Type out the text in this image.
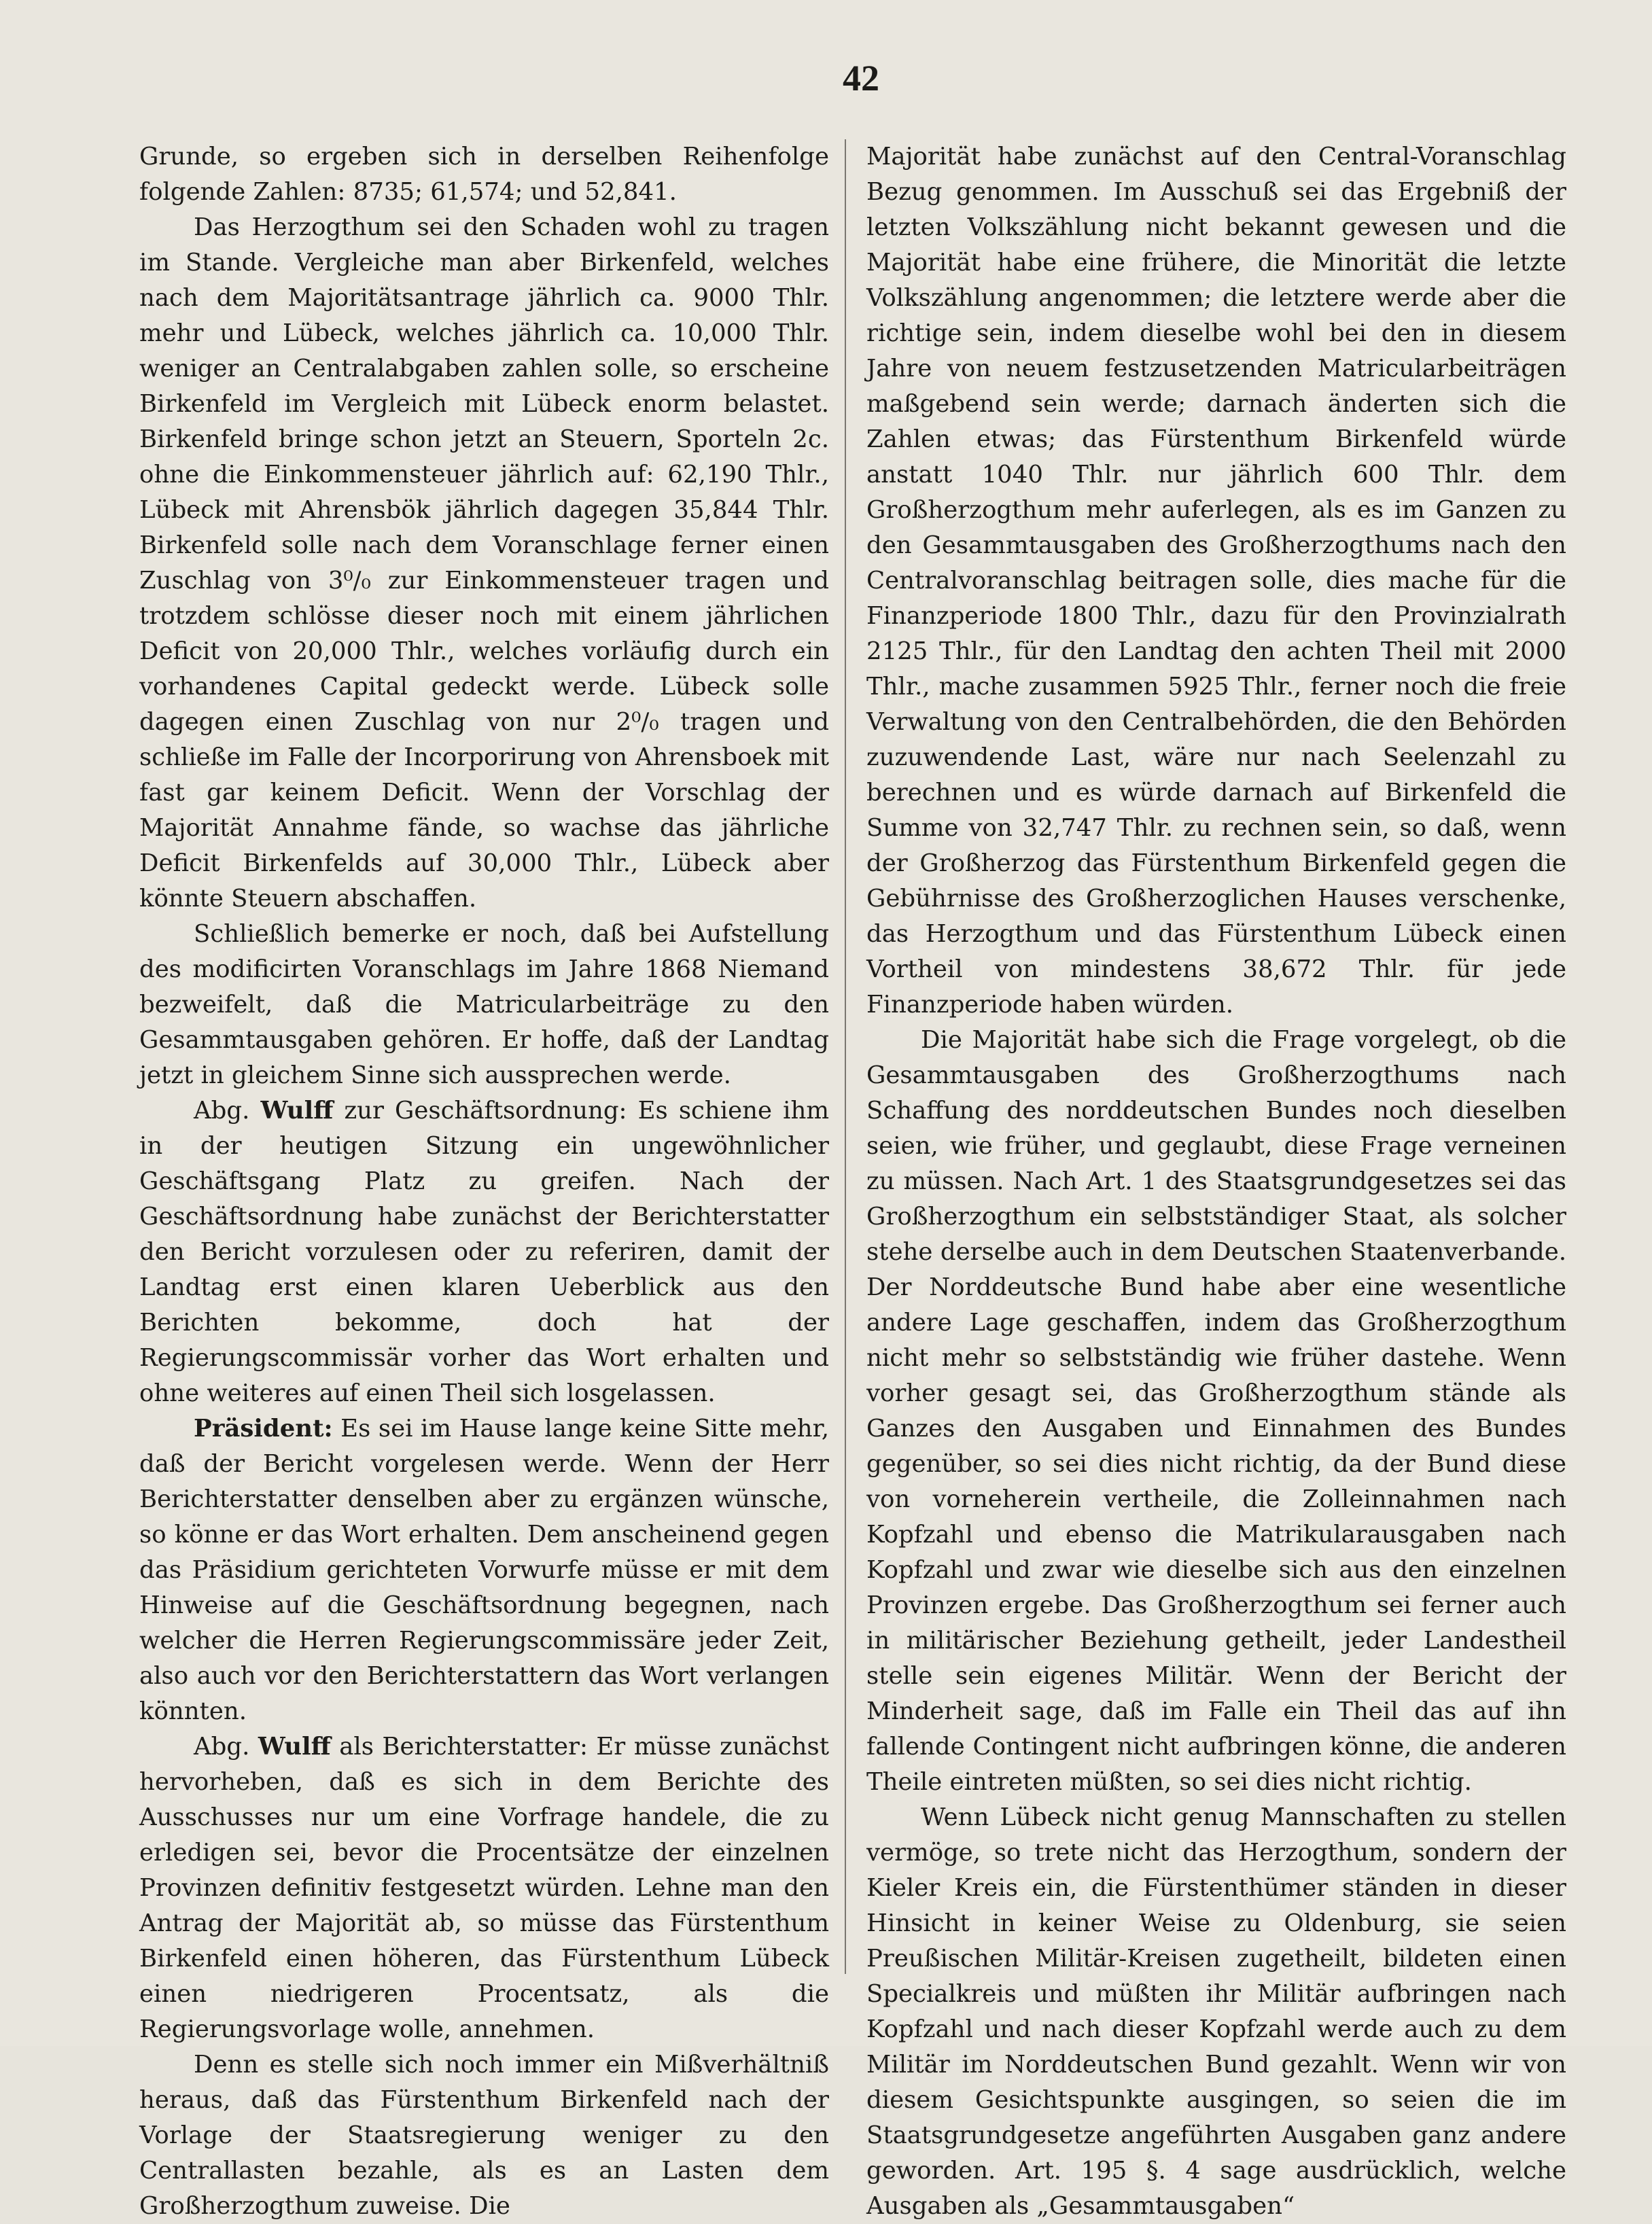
42

Grunde, so ergeben sich in derselben Reihenfolge folgende Zahlen: 8735; 61,574; und 52,841.

Das Herzogthum sei den Schaden wohl zu tragen im Stande. Vergleiche man aber Birkenfeld, welches nach dem Majoritätsantrage jährlich ca. 9000 Thlr. mehr und Lübeck, welches jährlich ca. 10,000 Thlr. weniger an Centralabgaben zahlen solle, so erscheine Birkenfeld im Vergleich mit Lübeck enorm belastet. Birkenfeld bringe schon jetzt an Steuern, Sporteln 2c. ohne die Einkommensteuer jährlich auf: 62,190 Thlr., Lübeck mit Ahrensbök jährlich dagegen 35,844 Thlr. Birkenfeld solle nach dem Voranschlage ferner einen Zuschlag von 3⁰/₀ zur Einkommensteuer tragen und trotzdem schlösse dieser noch mit einem jährlichen Deficit von 20,000 Thlr., welches vorläufig durch ein vorhandenes Capital gedeckt werde. Lübeck solle dagegen einen Zuschlag von nur 2⁰/₀ tragen und schließe im Falle der Incorporirung von Ahrensboek mit fast gar keinem Deficit. Wenn der Vorschlag der Majorität Annahme fände, so wachse das jährliche Deficit Birkenfelds auf 30,000 Thlr., Lübeck aber könnte Steuern abschaffen.

Schließlich bemerke er noch, daß bei Aufstellung des modificirten Voranschlags im Jahre 1868 Niemand bezweifelt, daß die Matricularbeiträge zu den Gesammtausgaben gehören. Er hoffe, daß der Landtag jetzt in gleichem Sinne sich aussprechen werde.

Abg. Wulff zur Geschäftsordnung: Es schiene ihm in der heutigen Sitzung ein ungewöhnlicher Geschäftsgang Platz zu greifen. Nach der Geschäftsordnung habe zunächst der Berichterstatter den Bericht vorzulesen oder zu referiren, damit der Landtag erst einen klaren Ueberblick aus den Berichten bekomme, doch hat der Regierungscommissär vorher das Wort erhalten und ohne weiteres auf einen Theil sich losgelassen.

Präsident: Es sei im Hause lange keine Sitte mehr, daß der Bericht vorgelesen werde. Wenn der Herr Berichterstatter denselben aber zu ergänzen wünsche, so könne er das Wort erhalten. Dem anscheinend gegen das Präsidium gerichteten Vorwurfe müsse er mit dem Hinweise auf die Geschäftsordnung begegnen, nach welcher die Herren Regierungscommissäre jeder Zeit, also auch vor den Berichterstattern das Wort verlangen könnten.

Abg. Wulff als Berichterstatter: Er müsse zunächst hervorheben, daß es sich in dem Berichte des Ausschusses nur um eine Vorfrage handele, die zu erledigen sei, bevor die Procentsätze der einzelnen Provinzen definitiv festgesetzt würden. Lehne man den Antrag der Majorität ab, so müsse das Fürstenthum Birkenfeld einen höheren, das Fürstenthum Lübeck einen niedrigeren Procentsatz, als die Regierungsvorlage wolle, annehmen.

Denn es stelle sich noch immer ein Mißverhältniß heraus, daß das Fürstenthum Birkenfeld nach der Vorlage der Staatsregierung weniger zu den Centrallasten bezahle, als es an Lasten dem Großherzogthum zuweise. Die

Majorität habe zunächst auf den Central-Voranschlag Bezug genommen. Im Ausschuß sei das Ergebniß der letzten Volkszählung nicht bekannt gewesen und die Majorität habe eine frühere, die Minorität die letzte Volkszählung angenommen; die letztere werde aber die richtige sein, indem dieselbe wohl bei den in diesem Jahre von neuem festzusetzenden Matricularbeiträgen maßgebend sein werde; darnach änderten sich die Zahlen etwas; das Fürstenthum Birkenfeld würde anstatt 1040 Thlr. nur jährlich 600 Thlr. dem Großherzogthum mehr auferlegen, als es im Ganzen zu den Gesammtausgaben des Großherzogthums nach den Centralvoranschlag beitragen solle, dies mache für die Finanzperiode 1800 Thlr., dazu für den Provinzialrath 2125 Thlr., für den Landtag den achten Theil mit 2000 Thlr., mache zusammen 5925 Thlr., ferner noch die freie Verwaltung von den Centralbehörden, die den Behörden zuzuwendende Last, wäre nur nach Seelenzahl zu berechnen und es würde darnach auf Birkenfeld die Summe von 32,747 Thlr. zu rechnen sein, so daß, wenn der Großherzog das Fürstenthum Birkenfeld gegen die Gebührnisse des Großherzoglichen Hauses verschenke, das Herzogthum und das Fürstenthum Lübeck einen Vortheil von mindestens 38,672 Thlr. für jede Finanzperiode haben würden.

Die Majorität habe sich die Frage vorgelegt, ob die Gesammtausgaben des Großherzogthums nach Schaffung des norddeutschen Bundes noch dieselben seien, wie früher, und geglaubt, diese Frage verneinen zu müssen. Nach Art. 1 des Staatsgrundgesetzes sei das Großherzogthum ein selbstständiger Staat, als solcher stehe derselbe auch in dem Deutschen Staatenverbande. Der Norddeutsche Bund habe aber eine wesentliche andere Lage geschaffen, indem das Großherzogthum nicht mehr so selbstständig wie früher dastehe. Wenn vorher gesagt sei, das Großherzogthum stände als Ganzes den Ausgaben und Einnahmen des Bundes gegenüber, so sei dies nicht richtig, da der Bund diese von vorneherein vertheile, die Zolleinnahmen nach Kopfzahl und ebenso die Matrikularausgaben nach Kopfzahl und zwar wie dieselbe sich aus den einzelnen Provinzen ergebe. Das Großherzogthum sei ferner auch in militärischer Beziehung getheilt, jeder Landestheil stelle sein eigenes Militär. Wenn der Bericht der Minderheit sage, daß im Falle ein Theil das auf ihn fallende Contingent nicht aufbringen könne, die anderen Theile eintreten müßten, so sei dies nicht richtig.

Wenn Lübeck nicht genug Mannschaften zu stellen vermöge, so trete nicht das Herzogthum, sondern der Kieler Kreis ein, die Fürstenthümer ständen in dieser Hinsicht in keiner Weise zu Oldenburg, sie seien Preußischen Militär-Kreisen zugetheilt, bildeten einen Specialkreis und müßten ihr Militär aufbringen nach Kopfzahl und nach dieser Kopfzahl werde auch zu dem Militär im Norddeutschen Bund gezahlt. Wenn wir von diesem Gesichtspunkte ausgingen, so seien die im Staatsgrundgesetze angeführten Ausgaben ganz andere geworden. Art. 195 §. 4 sage ausdrücklich, welche Ausgaben als „Gesammtausgaben“
